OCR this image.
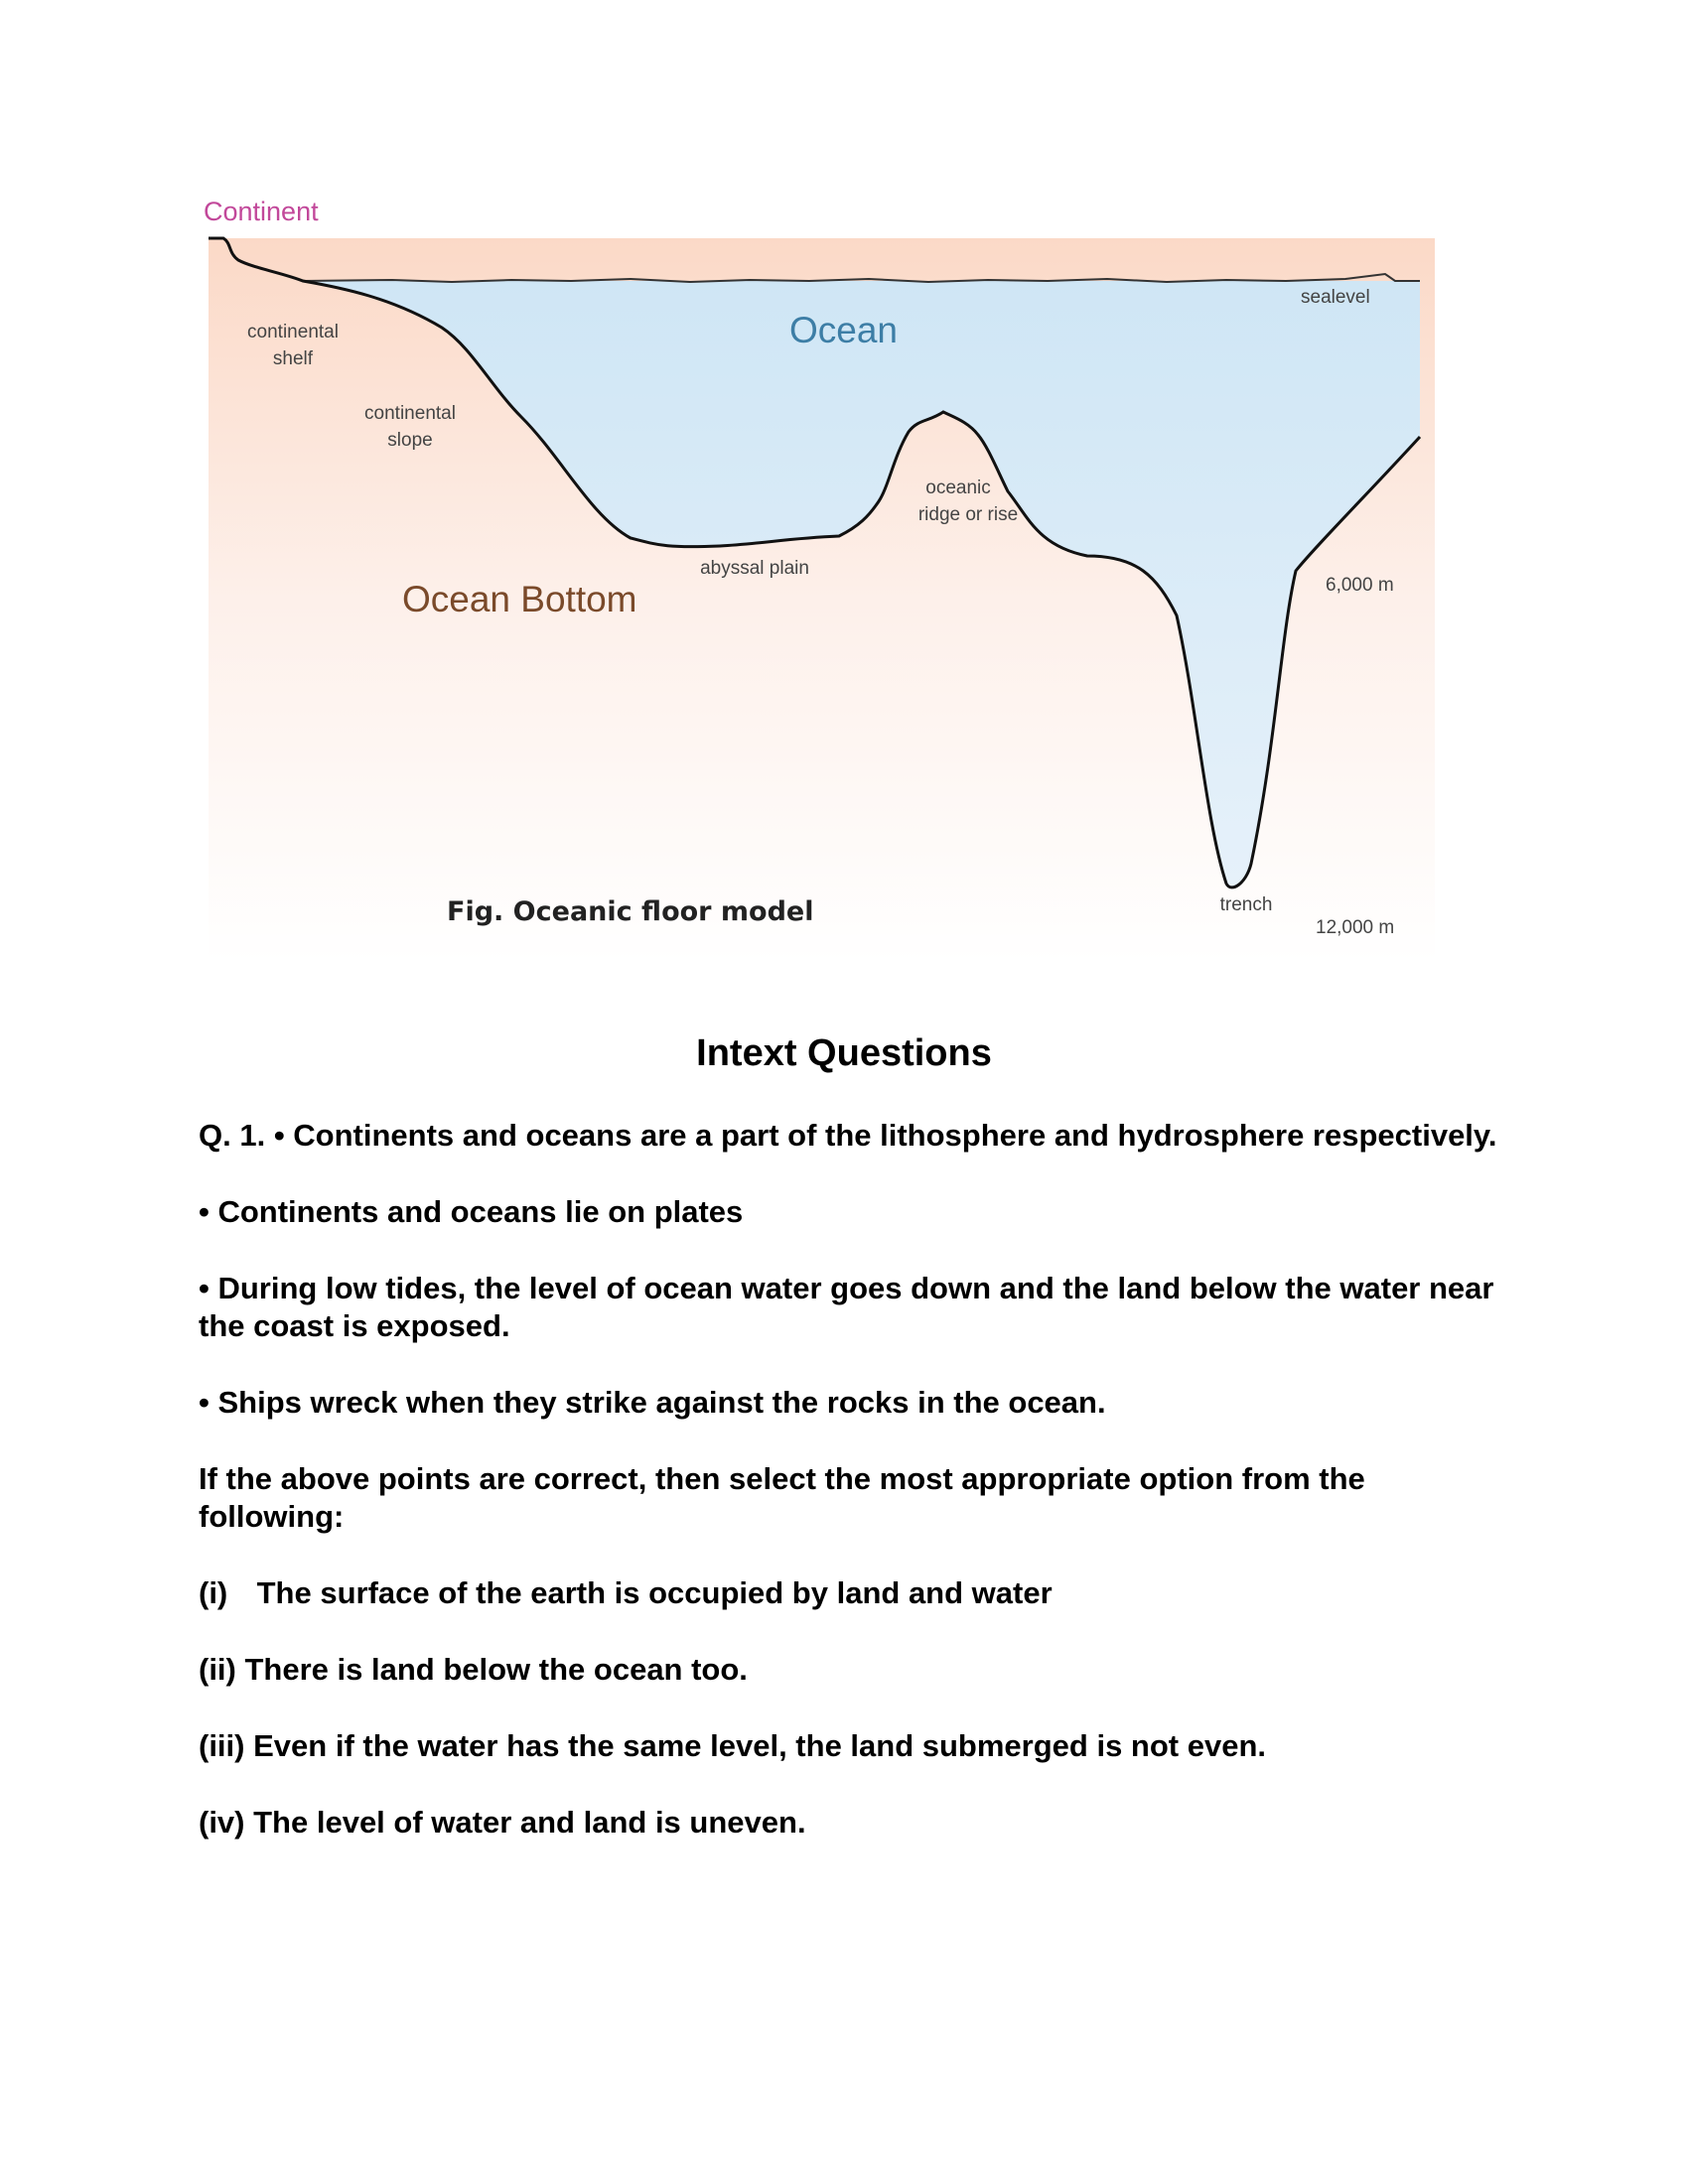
Continent
sealevel
Ocean
continental
shelf
continental
slope
oceanic
ridge or rise
abyssal plain
Ocean Bottom	6,000 m
trench
12,000 m
Fig. Oceanic floor model
Intext Questions

Q. 1. • Continents and oceans are a part of the lithosphere and hydrosphere respectively.

• Continents and oceans lie on plates

• During low tides, the level of ocean water goes down and the land below the water near the coast is exposed.

• Ships wreck when they strike against the rocks in the ocean.

If the above points are correct, then select the most appropriate option from the following:

(i) The surface of the earth is occupied by land and water

(ii) There is land below the ocean too.

(iii) Even if the water has the same level, the land submerged is not even.

(iv) The level of water and land is uneven.
